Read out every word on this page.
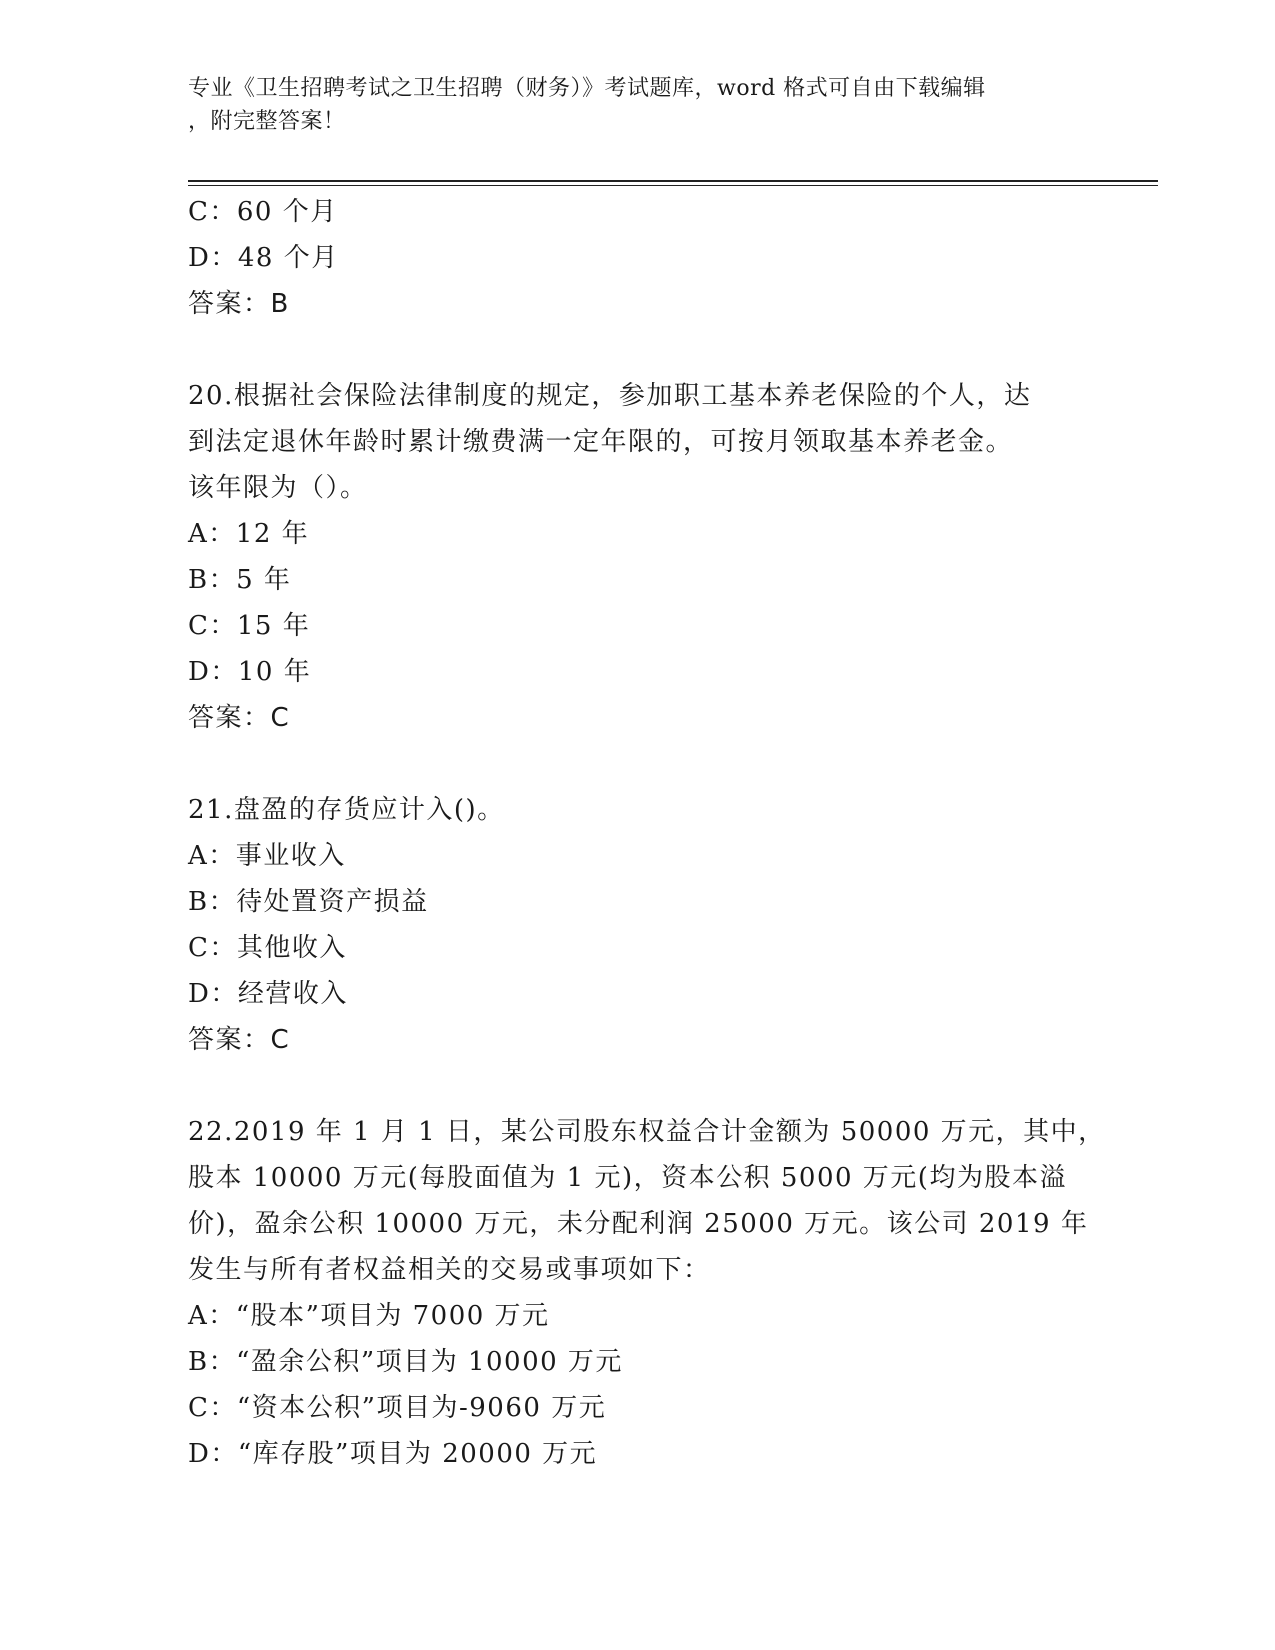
专业《卫生招聘考试之卫生招聘（财务）》考试题库，word 格式可自由下载编辑
，附完整答案！
C：60 个月
D：48 个月
答案：B
20.根据社会保险法律制度的规定，参加职工基本养老保险的个人，达
到法定退休年龄时累计缴费满一定年限的，可按月领取基本养老金。
该年限为（）。
A：12 年
B：5 年
C：15 年
D：10 年
答案：C
21.盘盈的存货应计入()。
A：事业收入
B：待处置资产损益
C：其他收入
D：经营收入
答案：C
22.2019 年 1 月 1 日，某公司股东权益合计金额为 50000 万元，其中，
股本 10000 万元(每股面值为 1 元)，资本公积 5000 万元(均为股本溢
价)，盈余公积 10000 万元，未分配利润 25000 万元。该公司 2019 年
发生与所有者权益相关的交易或事项如下：
A：“股本”项目为 7000 万元
B：“盈余公积”项目为 10000 万元
C：“资本公积”项目为-9060 万元
D：“库存股”项目为 20000 万元
